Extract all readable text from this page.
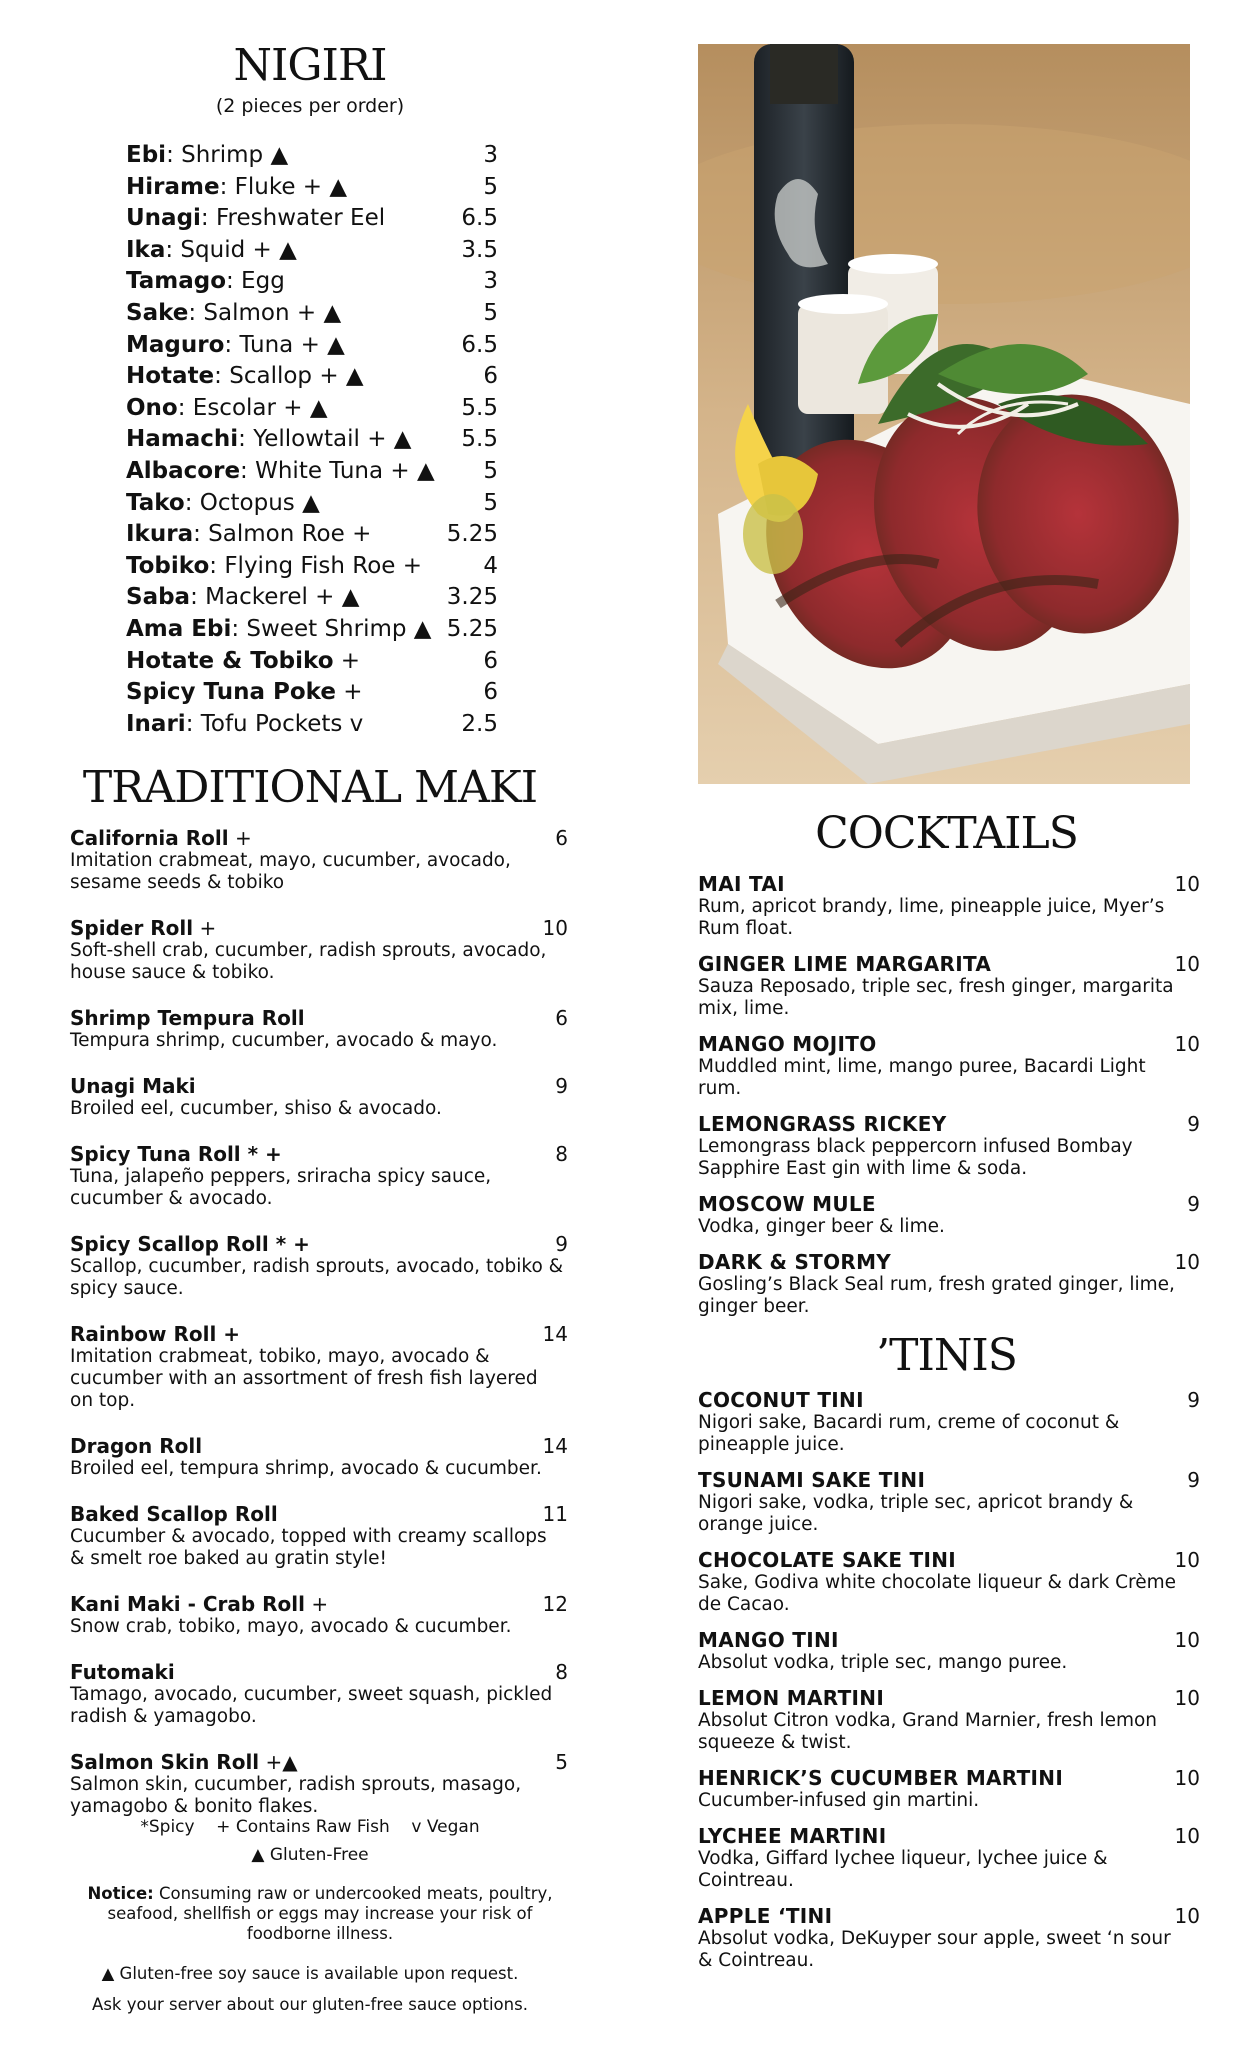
NIGIRI
(2 pieces per order)
Ebi: Shrimp ▲	3
Hirame: Fluke + ▲	5
Unagi: Freshwater Eel	6.5
Ika: Squid + ▲	3.5
Tamago: Egg	3
Sake: Salmon + ▲	5
Maguro: Tuna + ▲	6.5
Hotate: Scallop + ▲	6
Ono: Escolar + ▲	5.5
Hamachi: Yellowtail + ▲ 5.5
Albacore: White Tuna + ▲ 5
Tako: Octopus ▲	5
Ikura: Salmon Roe +	5.25
Tobiko: Flying Fish Roe +	4
Saba: Mackerel + ▲	3.25
Ama Ebi: Sweet Shrimp ▲ 5.25
Hotate & Tobiko +	6
Spicy Tuna Poke +	6
Inari: Tofu Pockets v	2.5
TRADITIONAL MAKI
California Roll +	6
Imitation crabmeat, mayo, cucumber, avocado, sesame seeds & tobiko
Spider Roll +	10
Soft-shell crab, cucumber, radish sprouts, avocado, house sauce & tobiko.
Shrimp Tempura Roll	6
Tempura shrimp, cucumber, avocado & mayo.
Unagi Maki	9
Broiled eel, cucumber, shiso & avocado.
Spicy Tuna Roll * +	8
Tuna, jalapeño peppers, sriracha spicy sauce, cucumber & avocado.
Spicy Scallop Roll * +	9
Scallop, cucumber, radish sprouts, avocado, tobiko & spicy sauce.
Rainbow Roll +	14
Imitation crabmeat, tobiko, mayo, avocado & cucumber with an assortment of fresh fish layered on top.
Dragon Roll	14
Broiled eel, tempura shrimp, avocado & cucumber.
Baked Scallop Roll	11
Cucumber & avocado, topped with creamy scallops & smelt roe baked au gratin style!
Kani Maki - Crab Roll +	12
Snow crab, tobiko, mayo, avocado & cucumber.
Futomaki	8
Tamago, avocado, cucumber, sweet squash, pickled radish & yamagobo.
Salmon Skin Roll +▲	5
Salmon skin, cucumber, radish sprouts, masago, yamagobo & bonito flakes.
*Spicy    + Contains Raw Fish    v Vegan
▲ Gluten-Free
Notice: Consuming raw or undercooked meats, poultry, seafood, shellfish or eggs may increase your risk of foodborne illness.
▲ Gluten-free soy sauce is available upon request.
Ask your server about our gluten-free sauce options.
COCKTAILS
MAI TAI	10
Rum, apricot brandy, lime, pineapple juice, Myer’s Rum float.
GINGER LIME MARGARITA	10
Sauza Reposado, triple sec, fresh ginger, margarita mix, lime.
MANGO MOJITO	10
Muddled mint, lime, mango puree, Bacardi Light rum.
LEMONGRASS RICKEY	9
Lemongrass black peppercorn infused Bombay Sapphire East gin with lime & soda.
MOSCOW MULE	9
Vodka, ginger beer & lime.
DARK & STORMY	10
Gosling’s Black Seal rum, fresh grated ginger, lime, ginger beer.
’TINIS
COCONUT TINI	9
Nigori sake, Bacardi rum, creme of coconut & pineapple juice.
TSUNAMI SAKE TINI	9
Nigori sake, vodka, triple sec, apricot brandy & orange juice.
CHOCOLATE SAKE TINI	10
Sake, Godiva white chocolate liqueur & dark Crème de Cacao.
MANGO TINI	10
Absolut vodka, triple sec, mango puree.
LEMON MARTINI	10
Absolut Citron vodka, Grand Marnier, fresh lemon squeeze & twist.
HENRICK’S CUCUMBER MARTINI	10
Cucumber-infused gin martini.
LYCHEE MARTINI	10
Vodka, Giffard lychee liqueur, lychee juice & Cointreau.
APPLE ‘TINI	10
Absolut vodka, DeKuyper sour apple, sweet ‘n sour & Cointreau.
